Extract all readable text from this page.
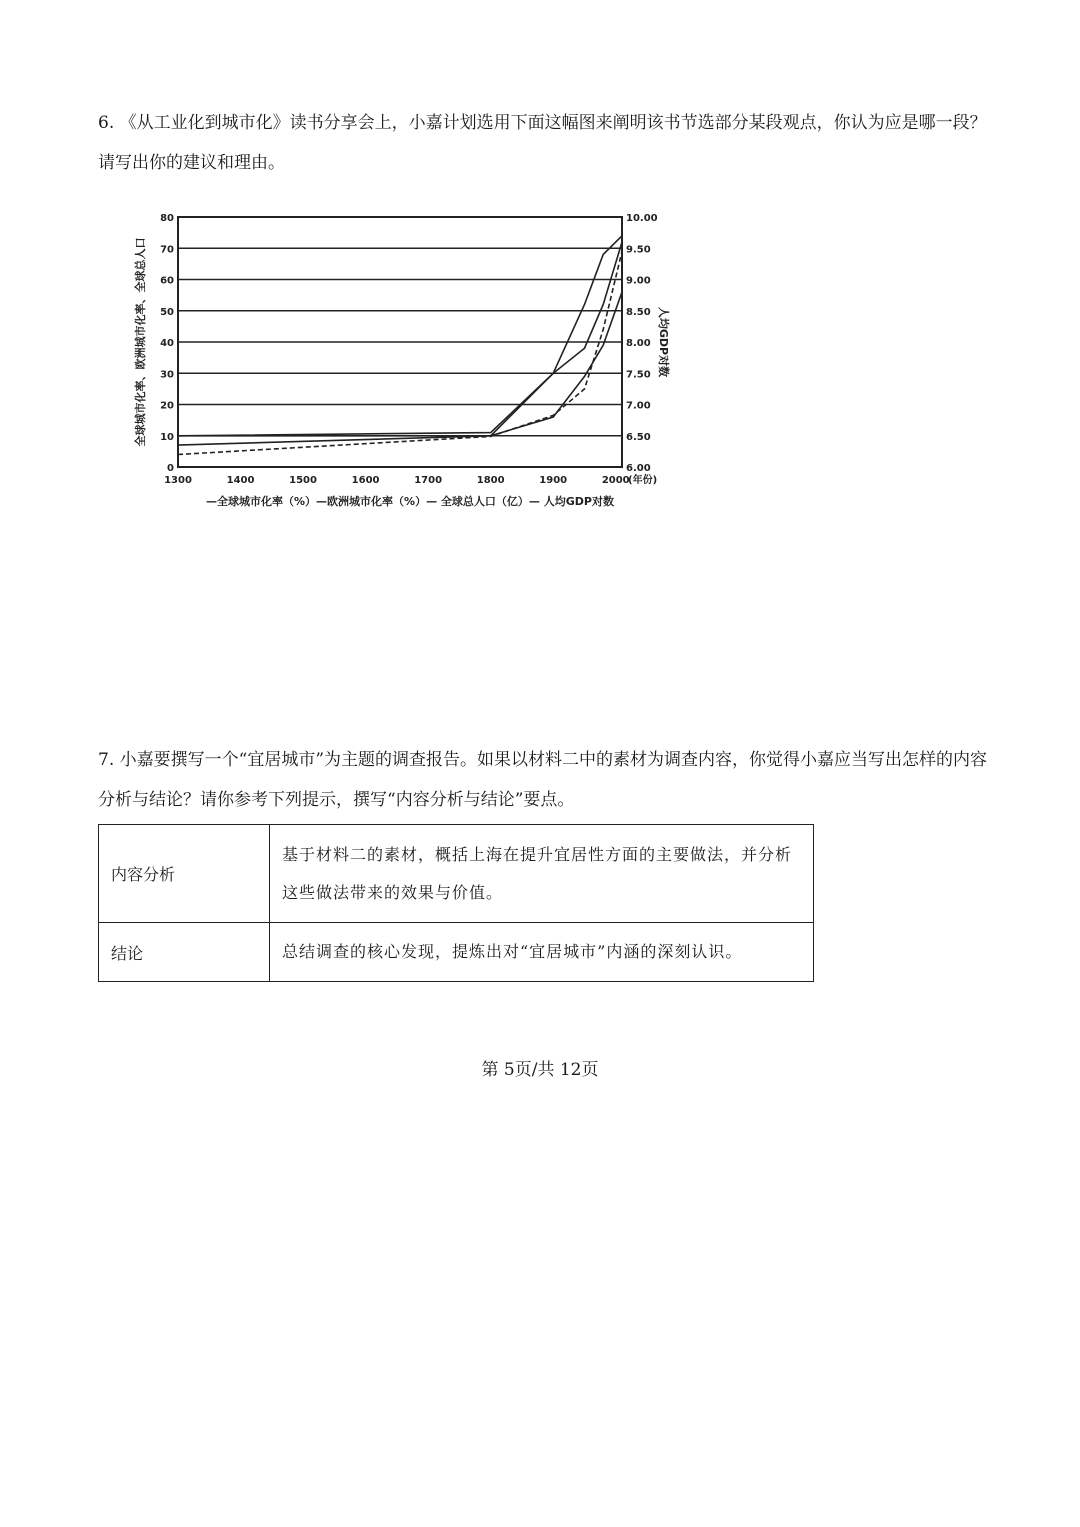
6. 《从工业化到城市化》读书分享会上，小嘉计划选用下面这幅图来阐明该书节选部分某段观点，你认为应是哪一段？请写出你的建议和理由。

0
10
20
30
40
50
60
70
80
6.00
6.50
7.00
7.50
8.00
8.50
9.00
9.50
10.00
1300	1400	1500	1600	1700	1800	1900	2000
(年份)
全球城市化率、欧洲城市化率、全球总人口	人均GDP对数
—全球城市化率（%）—欧洲城市化率（%）— 全球总人口（亿）— 人均GDP对数

7. 小嘉要撰写一个“宜居城市”为主题的调查报告。如果以材料二中的素材为调查内容，你觉得小嘉应当写出怎样的内容分析与结论？请你参考下列提示，撰写“内容分析与结论”要点。

内容分析	基于材料二的素材，概括上海在提升宜居性方面的主要做法，并分析这些做法带来的效果与价值。
结论	总结调查的核心发现，提炼出对“宜居城市”内涵的深刻认识。
第 5页/共 12页
